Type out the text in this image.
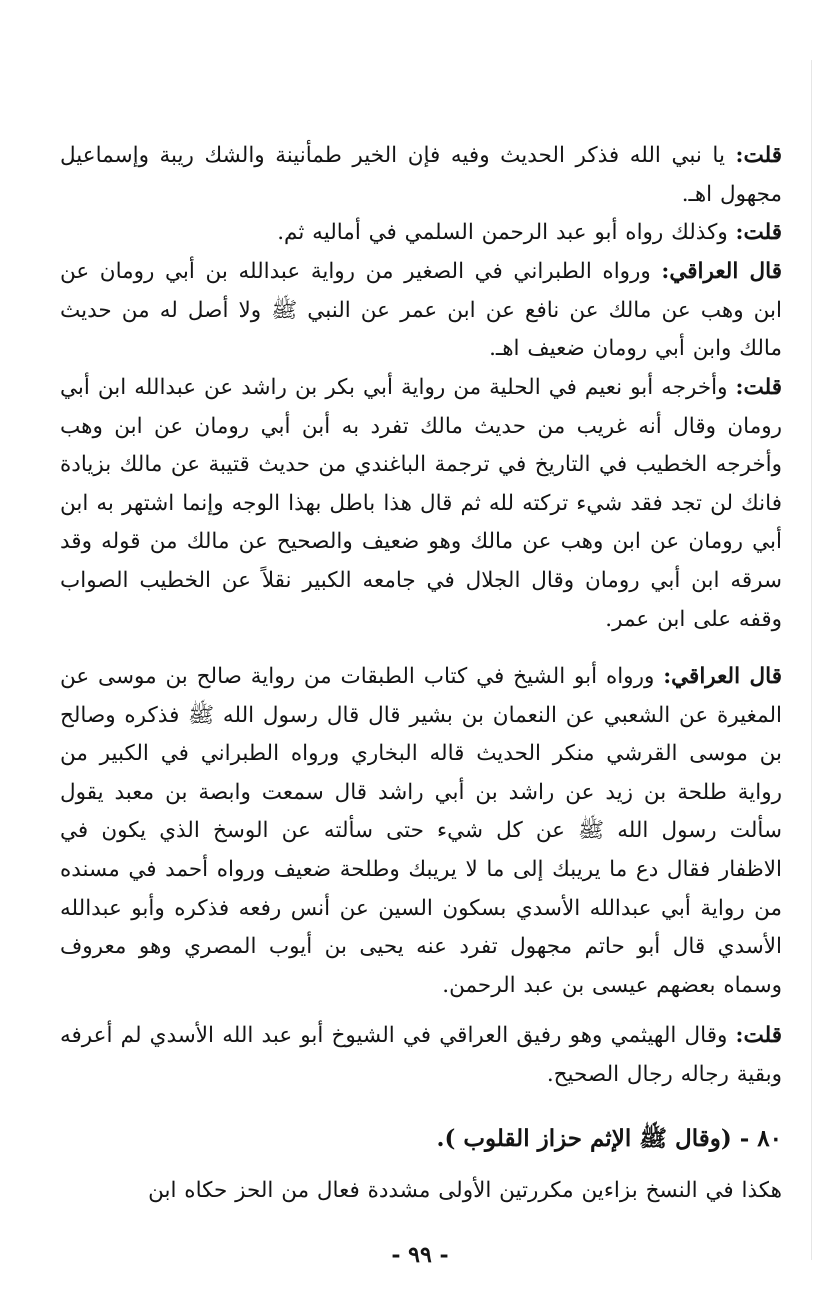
قلت: يا نبي الله فذكر الحديث وفيه فإن الخير طمأنينة والشك ريبة وإسماعيل مجهول اهـ.

قلت: وكذلك رواه أبو عبد الرحمن السلمي في أماليه ثم.

قال العراقي: ورواه الطبراني في الصغير من رواية عبدالله بن أبي رومان عن ابن وهب عن مالك عن نافع عن ابن عمر عن النبي ﷺ ولا أصل له من حديث مالك وابن أبي رومان ضعيف اهـ.

قلت: وأخرجه أبو نعيم في الحلية من رواية أبي بكر بن راشد عن عبدالله ابن أبي رومان وقال أنه غريب من حديث مالك تفرد به أبن أبي رومان عن ابن وهب وأخرجه الخطيب في التاريخ في ترجمة الباغندي من حديث قتيبة عن مالك بزيادة فانك لن تجد فقد شيء تركته لله ثم قال هذا باطل بهذا الوجه وإنما اشتهر به ابن أبي رومان عن ابن وهب عن مالك وهو ضعيف والصحيح عن مالك من قوله وقد سرقه ابن أبي رومان وقال الجلال في جامعه الكبير نقلاً عن الخطيب الصواب وقفه على ابن عمر.

قال العراقي: ورواه أبو الشيخ في كتاب الطبقات من رواية صالح بن موسى عن المغيرة عن الشعبي عن النعمان بن بشير قال قال رسول الله ﷺ فذكره وصالح بن موسى القرشي منكر الحديث قاله البخاري ورواه الطبراني في الكبير من رواية طلحة بن زيد عن راشد بن أبي راشد قال سمعت وابصة بن معبد يقول سألت رسول الله ﷺ عن كل شيء حتى سألته عن الوسخ الذي يكون في الاظفار فقال دع ما يريبك إلى ما لا يريبك وطلحة ضعيف ورواه أحمد في مسنده من رواية أبي عبدالله الأسدي بسكون السين عن أنس رفعه فذكره وأبو عبدالله الأسدي قال أبو حاتم مجهول تفرد عنه يحيى بن أيوب المصري وهو معروف وسماه بعضهم عيسى بن عبد الرحمن.

قلت: وقال الهيثمي وهو رفيق العراقي في الشيوخ أبو عبد الله الأسدي لم أعرفه وبقية رجاله رجال الصحيح.

٨٠ - (وقال ﷺ الإثم حزاز القلوب ).

هكذا في النسخ بزاءين مكررتين الأولى مشددة فعال من الحز حكاه ابن

- ٩٩ -
